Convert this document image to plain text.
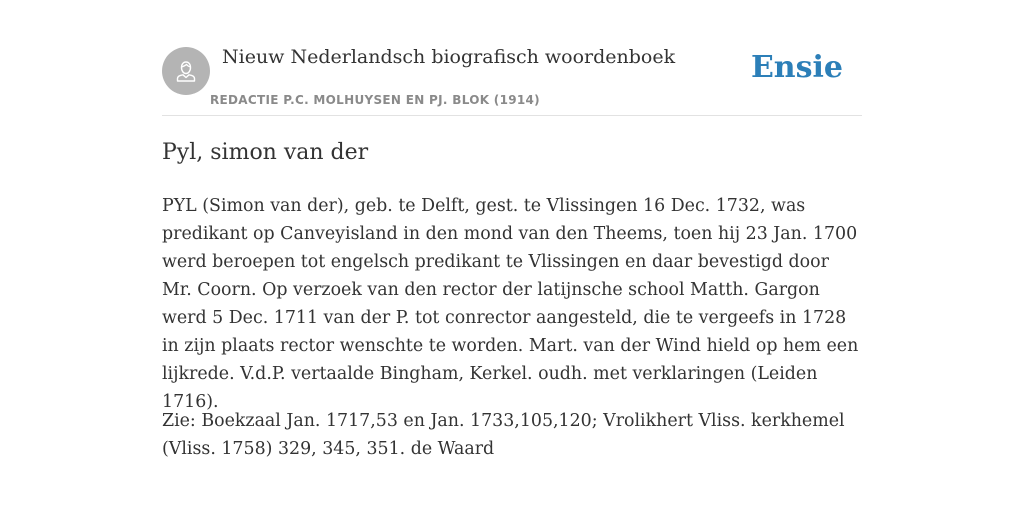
Nieuw Nederlandsch biografisch woordenboek
REDACTIE P.C. MOLHUYSEN EN PJ. BLOK (1914)
Ensie
Pyl, simon van der

PYL (Simon van der), geb. te Delft, gest. te Vlissingen 16 Dec. 1732, was predikant op Canveyisland in den mond van den Theems, toen hij 23 Jan. 1700 werd beroepen tot engelsch predikant te Vlissingen en daar bevestigd door Mr. Coorn. Op verzoek van den rector der latijnsche school Matth. Gargon werd 5 Dec. 1711 van der P. tot conrector aangesteld, die te vergeefs in 1728 in zijn plaats rector wenschte te worden. Mart. van der Wind hield op hem een lijkrede. V.d.P. vertaalde Bingham, Kerkel. oudh. met verklaringen (Leiden 1716).

Zie: Boekzaal Jan. 1717,53 en Jan. 1733,105,120; Vrolikhert Vliss. kerkhemel (Vliss. 1758) 329, 345, 351. de Waard
